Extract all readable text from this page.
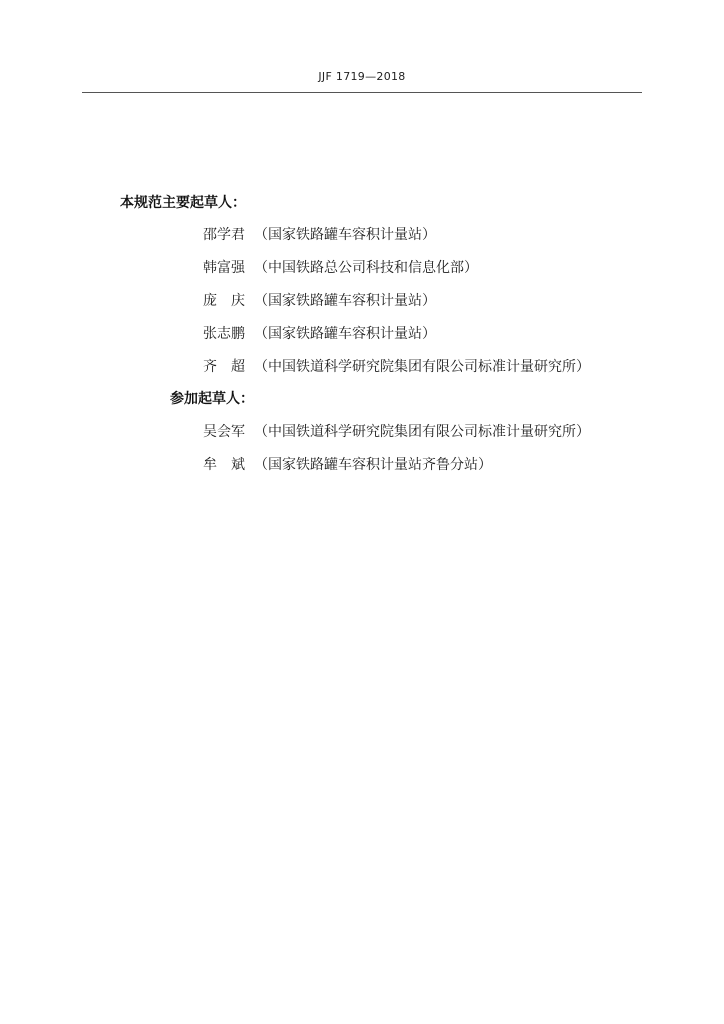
JJF 1719—2018
本规范主要起草人：
邵学君 （国家铁路罐车容积计量站）
韩富强 （中国铁路总公司科技和信息化部）
庞　庆 （国家铁路罐车容积计量站）
张志鹏 （国家铁路罐车容积计量站）
齐　超 （中国铁道科学研究院集团有限公司标准计量研究所）
参加起草人：
吴会军 （中国铁道科学研究院集团有限公司标准计量研究所）
牟　斌 （国家铁路罐车容积计量站齐鲁分站）
